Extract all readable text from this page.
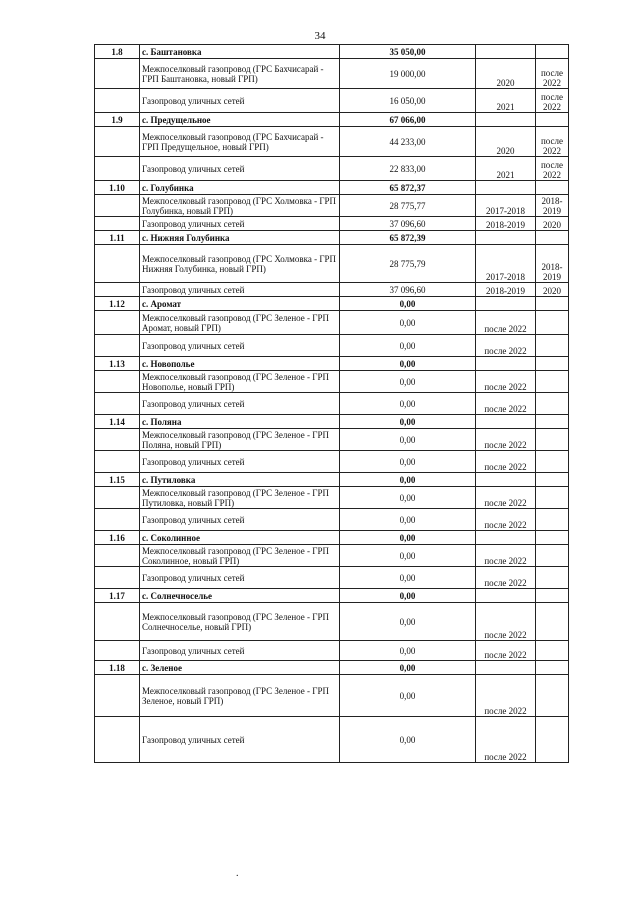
34
1.8	с. Баштановка	35 050,00		
	Межпоселковый газопровод (ГРС Бахчисарай - ГРП Баштановка, новый ГРП)	19 000,00	2020	после 2022
	Газопровод уличных сетей	16 050,00	2021	после 2022
1.9	с. Предущельное	67 066,00		
	Межпоселковый газопровод (ГРС Бахчисарай - ГРП Предущельное, новый ГРП)	44 233,00	2020	после 2022
	Газопровод уличных сетей	22 833,00	2021	после 2022
1.10	с. Голубинка	65 872,37		
	Межпоселковый газопровод (ГРС Холмовка - ГРП Голубинка, новый ГРП)	28 775,77	2017-2018	2018-2019
	Газопровод уличных сетей	37 096,60	2018-2019	2020
1.11	с. Нижняя Голубинка	65 872,39		
	Межпоселковый газопровод (ГРС Холмовка - ГРП Нижняя Голубинка, новый ГРП)	28 775,79	2017-2018	2018-2019
	Газопровод уличных сетей	37 096,60	2018-2019	2020
1.12	с. Аромат	0,00		
	Межпоселковый газопровод (ГРС Зеленое - ГРП Аромат, новый ГРП)	0,00	после 2022	
	Газопровод уличных сетей	0,00	после 2022	
1.13	с. Новополье	0,00		
	Межпоселковый газопровод (ГРС Зеленое - ГРП Новополье, новый ГРП)	0,00	после 2022	
	Газопровод уличных сетей	0,00	после 2022	
1.14	с. Поляна	0,00		
	Межпоселковый газопровод (ГРС Зеленое - ГРП Поляна, новый ГРП)	0,00	после 2022	
	Газопровод уличных сетей	0,00	после 2022	
1.15	с. Путиловка	0,00		
	Межпоселковый газопровод (ГРС Зеленое - ГРП Путиловка, новый ГРП)	0,00	после 2022	
	Газопровод уличных сетей	0,00	после 2022	
1.16	с. Соколинное	0,00		
	Межпоселковый газопровод (ГРС Зеленое - ГРП Соколинное, новый ГРП)	0,00	после 2022	
	Газопровод уличных сетей	0,00	после 2022	
1.17	с. Солнечноселье	0,00		
	Межпоселковый газопровод (ГРС Зеленое - ГРП Солнечноселье, новый ГРП)	0,00	после 2022	
	Газопровод уличных сетей	0,00	после 2022	
1.18	с. Зеленое	0,00		
	Межпоселковый газопровод (ГРС Зеленое - ГРП Зеленое, новый ГРП)	0,00	после 2022	
	Газопровод уличных сетей	0,00	после 2022	
.
